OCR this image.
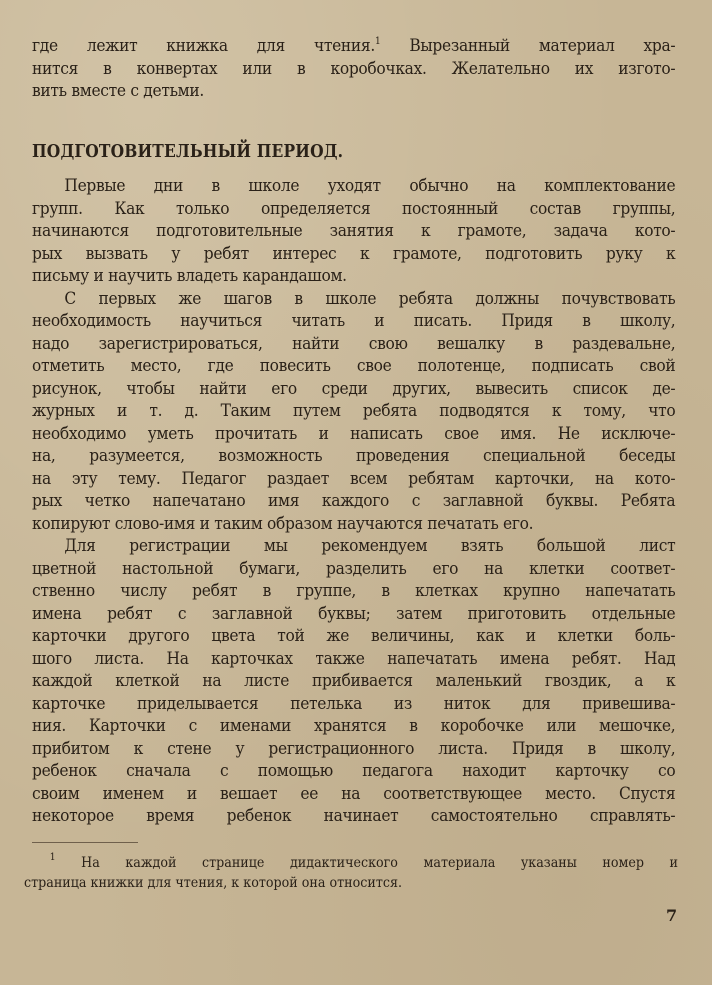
где лежит книжка для чтения.$^1$ Вырезанный материал хра-
нится в конвертах или в коробочках. Желательно их изгото-
вить вместе с детьми.
ПОДГОТОВИТЕЛЬНЫЙ ПЕРИОД.
Первые дни в школе уходят обычно на комплектование
групп. Как только определяется постоянный состав группы,
начинаются подготовительные занятия к грамоте, задача кото-
рых вызвать у ребят интерес к грамоте, подготовить руку к
письму и научить владеть карандашом.
С первых же шагов в школе ребята должны почувствовать
необходимость научиться читать и писать. Придя в школу,
надо зарегистрироваться, найти свою вешалку в раздевальне,
отметить место, где повесить свое полотенце, подписать свой
рисунок, чтобы найти его среди других, вывесить список де-
журных и т. д. Таким путем ребята подводятся к тому, что
необходимо уметь прочитать и написать свое имя. Не исключе-
на, разумеется, возможность проведения специальной беседы
на эту тему. Педагог раздает всем ребятам карточки, на кото-
рых четко напечатано имя каждого с заглавной буквы. Ребята
копируют слово-имя и таким образом научаются печатать его.
Для регистрации мы рекомендуем взять большой лист
цветной настольной бумаги, разделить его на клетки соответ-
ственно числу ребят в группе, в клетках крупно напечатать
имена ребят с заглавной буквы; затем приготовить отдельные
карточки другого цвета той же величины, как и клетки боль-
шого листа. На карточках также напечатать имена ребят. Над
каждой клеткой на листе прибивается маленький гвоздик, а к
карточке приделывается петелька из ниток для привешива-
ния. Карточки с именами хранятся в коробочке или мешочке,
прибитом к стене у регистрационного листа. Придя в школу,
ребенок сначала с помощью педагога находит карточку со
своим именем и вешает ее на соответствующее место. Спустя
некоторое время ребенок начинает самостоятельно справлять-
$^1$ На каждой странице дидактического материала указаны номер и
страница книжки для чтения, к которой она относится.
7
